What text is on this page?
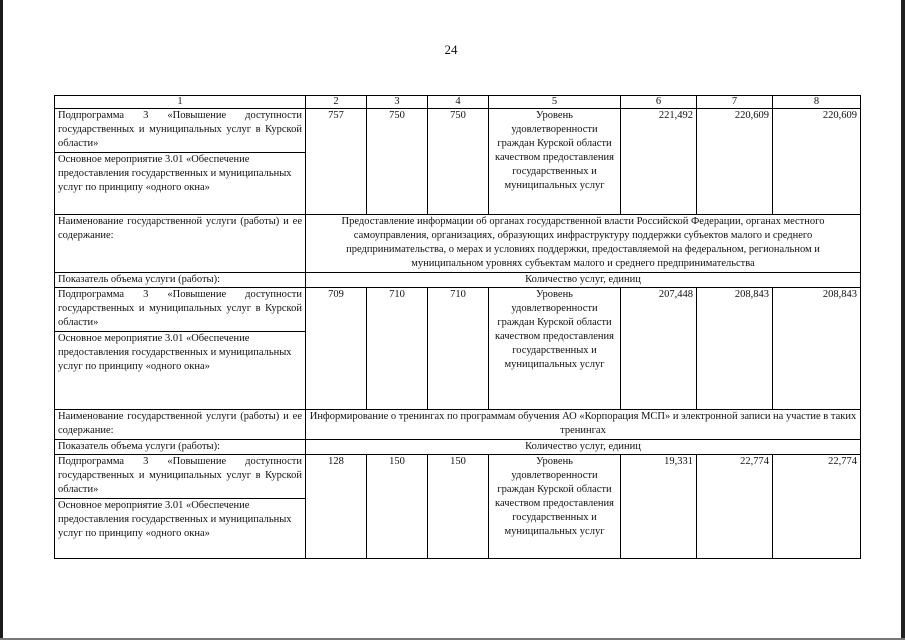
24
1	2	3	4	5	6	7	8
Подпрограмма 3 «Повышение доступности государственных и муниципальных услуг в Курской области»	757	750	750	Уровень удовлетворенности граждан Курской области качеством предоставления государственных и муниципальных услуг	221,492	220,609	220,609
Основное мероприятие 3.01 «Обеспечение предоставления государственных и муниципальных услуг по принципу «одного окна»							
Наименование государственной услуги (работы) и ее содержание:	Предоставление информации об органах государственной власти Российской Федерации, органах местного самоуправления, организациях, образующих инфраструктуру поддержки субъектов малого и среднего предпринимательства, о мерах и условиях поддержки, предоставляемой на федеральном, региональном и муниципальном уровнях субъектам малого и среднего предпринимательства						
Показатель объема услуги (работы):	Количество услуг, единиц						
Подпрограмма 3 «Повышение доступности государственных и муниципальных услуг в Курской области»	709	710	710	Уровень удовлетворенности граждан Курской области качеством предоставления государственных и муниципальных услуг	207,448	208,843	208,843
Основное мероприятие 3.01 «Обеспечение предоставления государственных и муниципальных услуг по принципу «одного окна»							
Наименование государственной услуги (работы) и ее содержание:	Информирование о тренингах по программам обучения АО «Корпорация МСП» и электронной записи на участие в таких тренингах						
Показатель объема услуги (работы):	Количество услуг, единиц						
Подпрограмма 3 «Повышение доступности государственных и муниципальных услуг в Курской области»	128	150	150	Уровень удовлетворенности граждан Курской области качеством предоставления государственных и муниципальных услуг	19,331	22,774	22,774
Основное мероприятие 3.01 «Обеспечение предоставления государственных и муниципальных услуг по принципу «одного окна»							
